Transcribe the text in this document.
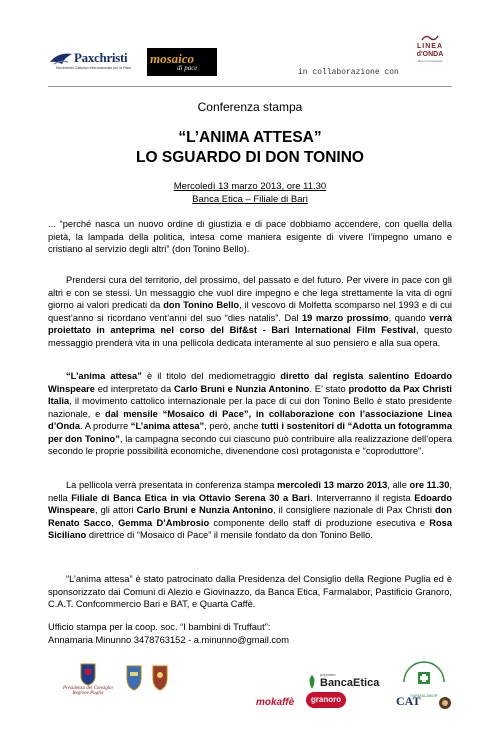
Paxchristi
Movimento Cattolico Internazionale per la Pace
mosaico
di pace	in collaborazione con
LINEA
d'ONDA
idee in movimento
Conferenza stampa
“L’ANIMA ATTESA”
LO SGUARDO DI DON TONINO
Mercoledì 13 marzo 2013, ore 11.30
Banca Etica – Filiale di Bari

... “perché nasca un nuovo ordine di giustizia e di pace dobbiamo accendere, con quella della pietà, la lampada della politica, intesa come maniera esigente di vivere l’impegno umano e cristiano al servizio degli altri” (don Tonino Bello).

Prendersi cura del territorio, del prossimo, del passato e del futuro. Per vivere in pace con gli altri e con se stessi. Un messaggio che vuol dire impegno e che lega strettamente la vita di ogni giorno ai valori predicati da don Tonino Bello, il vescovo di Molfetta scomparso nel 1993 e di cui quest’anno si ricordano vent’anni del suo “dies natalis”. Dal 19 marzo prossimo, quando verrà proiettato in anteprima nel corso del Bif&st - Bari International Film Festival, questo messaggio prenderà vita in una pellicola dedicata interamente al suo pensiero e alla sua opera.

“L’anima attesa” è il titolo del mediometraggio diretto dal regista salentino Edoardo Winspeare ed interpretato da Carlo Bruni e Nunzia Antonino. E’ stato prodotto da Pax Christi Italia, il movimento cattolico internazionale per la pace di cui don Tonino Bello è stato presidente nazionale, e dal mensile “Mosaico di Pace”, in collaborazione con l’associazione Linea d’Onda. A produrre “L’anima attesa”, però, anche tutti i sostenitori di “Adotta un fotogramma per don Tonino”, la campagna secondo cui ciascuno può contribuire alla realizzazione dell’opera secondo le proprie possibilità economiche, divenendone così protagonista e “coproduttore”.

La pellicola verrà presentata in conferenza stampa mercoledì 13 marzo 2013, alle ore 11.30, nella Filiale di Banca Etica in via Ottavio Serena 30 a Bari. Interverranno il regista Edoardo Winspeare, gli attori Carlo Bruni e Nunzia Antonino, il consigliere nazionale di Pax Christi don Renato Sacco, Gemma D’Ambrosio componente dello staff di produzione esecutiva e Rosa Siciliano direttrice di “Mosaico di Pace” il mensile fondato da don Tonino Bello.

“L’anima attesa” è stato patrocinato dalla Presidenza del Consiglio della Regione Puglia ed è sponsorizzato dai Comuni di Alezio e Giovinazzo, da Banca Etica, Farmalabor, Pastificio Granoro, C.A.T. Confcommercio Bari e BAT, e Quarta Caffè.

Ufficio stampa per la coop. soc. “I bambini di Truffaut”:
Annamaria Minunno 3478763152 - a.minunno@gmail.com
Presidenza del Consiglio Regione Puglia
popolare
BancaEtica
FARMALABOR
mokaffè	granoro	CAT
